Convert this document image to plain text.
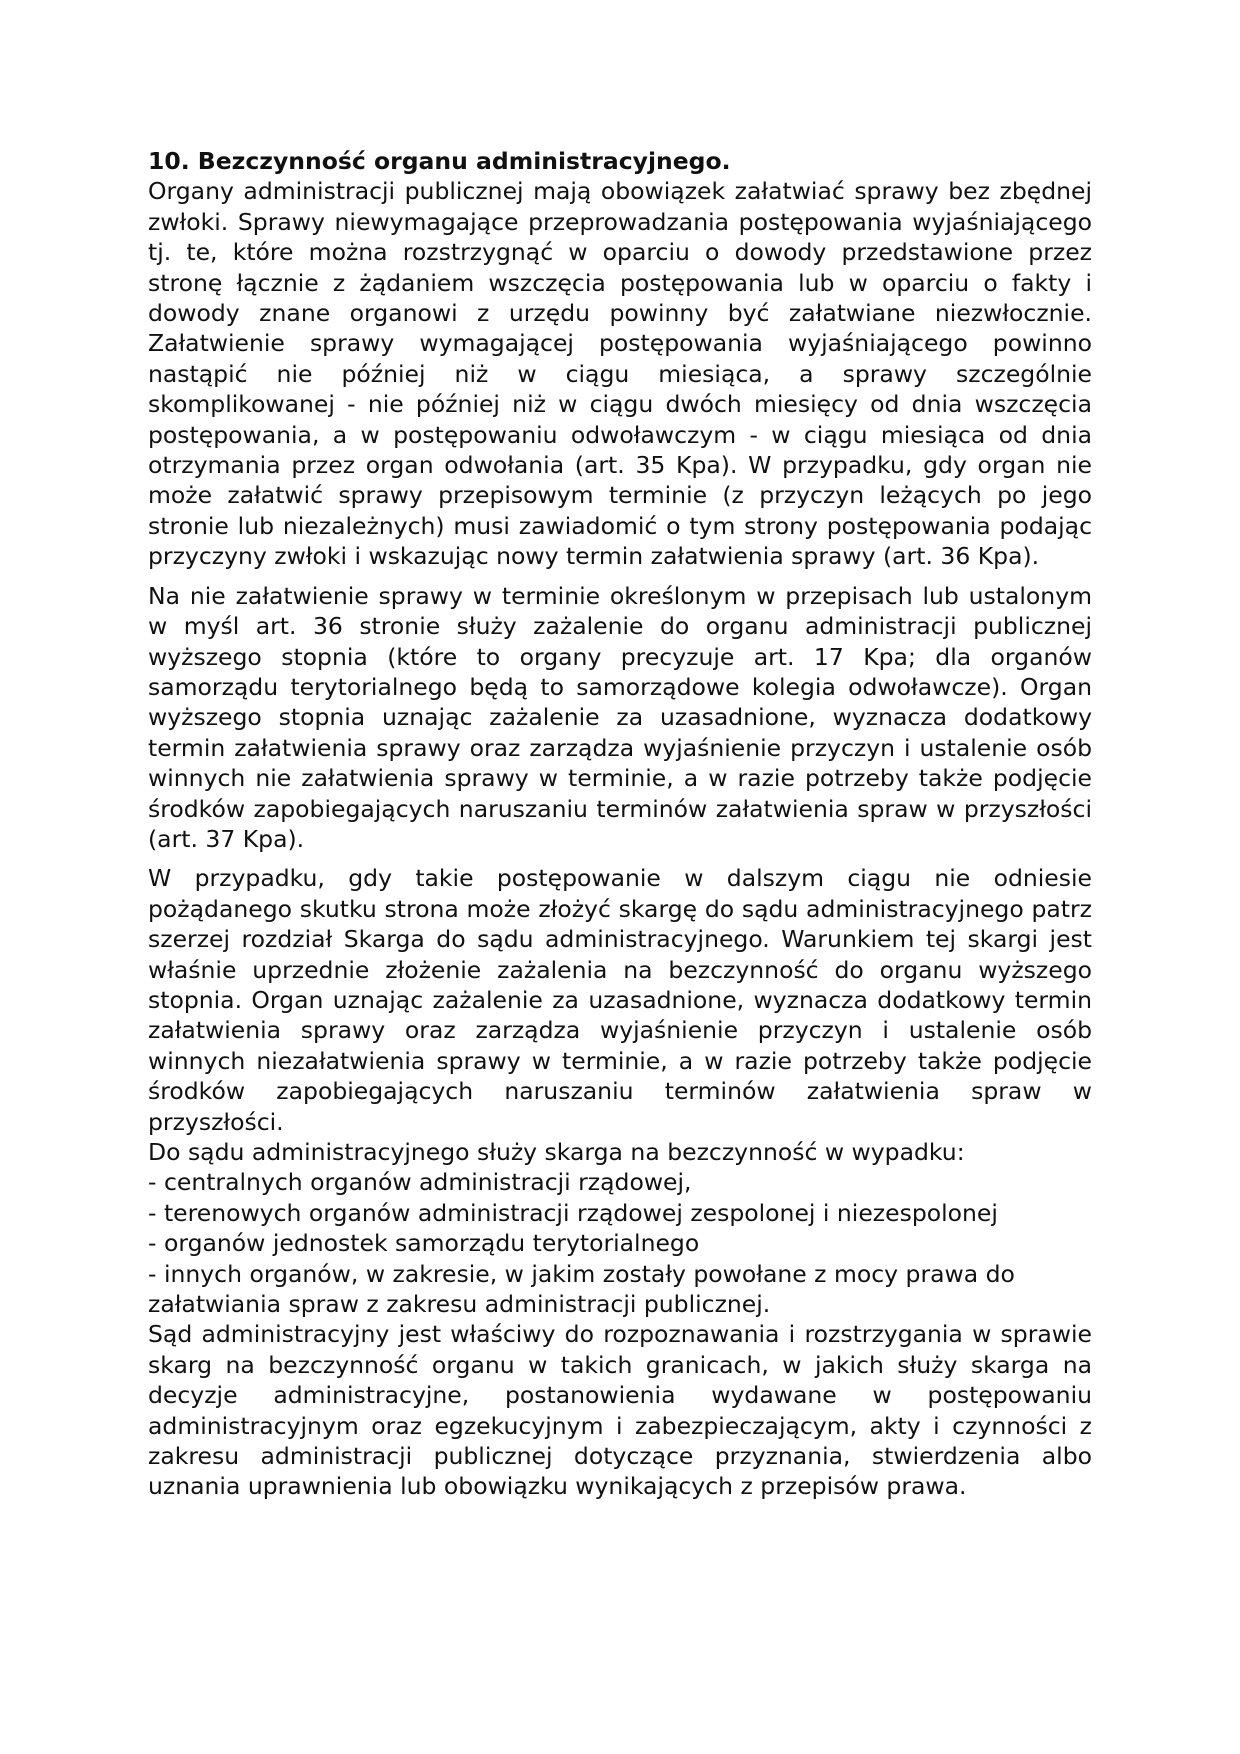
10. Bezczynność organu administracyjnego.

Organy administracji publicznej mają obowiązek załatwiać sprawy bez zbędnej zwłoki. Sprawy niewymagające przeprowadzania postępowania wyjaśniającego tj. te, które można rozstrzygnąć w oparciu o dowody przedstawione przez stronę łącznie z żądaniem wszczęcia postępowania lub w oparciu o fakty i dowody znane organowi z urzędu powinny być załatwiane niezwłocznie. Załatwienie sprawy wymagającej postępowania wyjaśniającego powinno nastąpić nie później niż w ciągu miesiąca, a sprawy szczególnie skomplikowanej - nie później niż w ciągu dwóch miesięcy od dnia wszczęcia postępowania, a w postępowaniu odwoławczym - w ciągu miesiąca od dnia otrzymania przez organ odwołania (art. 35 Kpa). W przypadku, gdy organ nie może załatwić sprawy przepisowym terminie (z przyczyn leżących po jego stronie lub niezależnych) musi zawiadomić o tym strony postępowania podając przyczyny zwłoki i wskazując nowy termin załatwienia sprawy (art. 36 Kpa).

Na nie załatwienie sprawy w terminie określonym w przepisach lub ustalonym w myśl art. 36 stronie służy zażalenie do organu administracji publicznej wyższego stopnia (które to organy precyzuje art. 17 Kpa; dla organów samorządu terytorialnego będą to samorządowe kolegia odwoławcze). Organ wyższego stopnia uznając zażalenie za uzasadnione, wyznacza dodatkowy termin załatwienia sprawy oraz zarządza wyjaśnienie przyczyn i ustalenie osób winnych nie załatwienia sprawy w terminie, a w razie potrzeby także podjęcie środków zapobiegających naruszaniu terminów załatwienia spraw w przyszłości (art. 37 Kpa).

W przypadku, gdy takie postępowanie w dalszym ciągu nie odniesie pożądanego skutku strona może złożyć skargę do sądu administracyjnego patrz szerzej rozdział Skarga do sądu administracyjnego. Warunkiem tej skargi jest właśnie uprzednie złożenie zażalenia na bezczynność do organu wyższego stopnia. Organ uznając zażalenie za uzasadnione, wyznacza dodatkowy termin załatwienia sprawy oraz zarządza wyjaśnienie przyczyn i ustalenie osób winnych niezałatwienia sprawy w terminie, a w razie potrzeby także podjęcie środków zapobiegających naruszaniu terminów załatwienia spraw w przyszłości.

Do sądu administracyjnego służy skarga na bezczynność w wypadku:

- centralnych organów administracji rządowej,
- terenowych organów administracji rządowej zespolonej i niezespolonej
- organów jednostek samorządu terytorialnego
- innych organów, w zakresie, w jakim zostały powołane z mocy prawa do załatwiania spraw z zakresu administracji publicznej.

Sąd administracyjny jest właściwy do rozpoznawania i rozstrzygania w sprawie skarg na bezczynność organu w takich granicach, w jakich służy skarga na decyzje administracyjne, postanowienia wydawane w postępowaniu administracyjnym oraz egzekucyjnym i zabezpieczającym, akty i czynności z zakresu administracji publicznej dotyczące przyznania, stwierdzenia albo uznania uprawnienia lub obowiązku wynikających z przepisów prawa.
